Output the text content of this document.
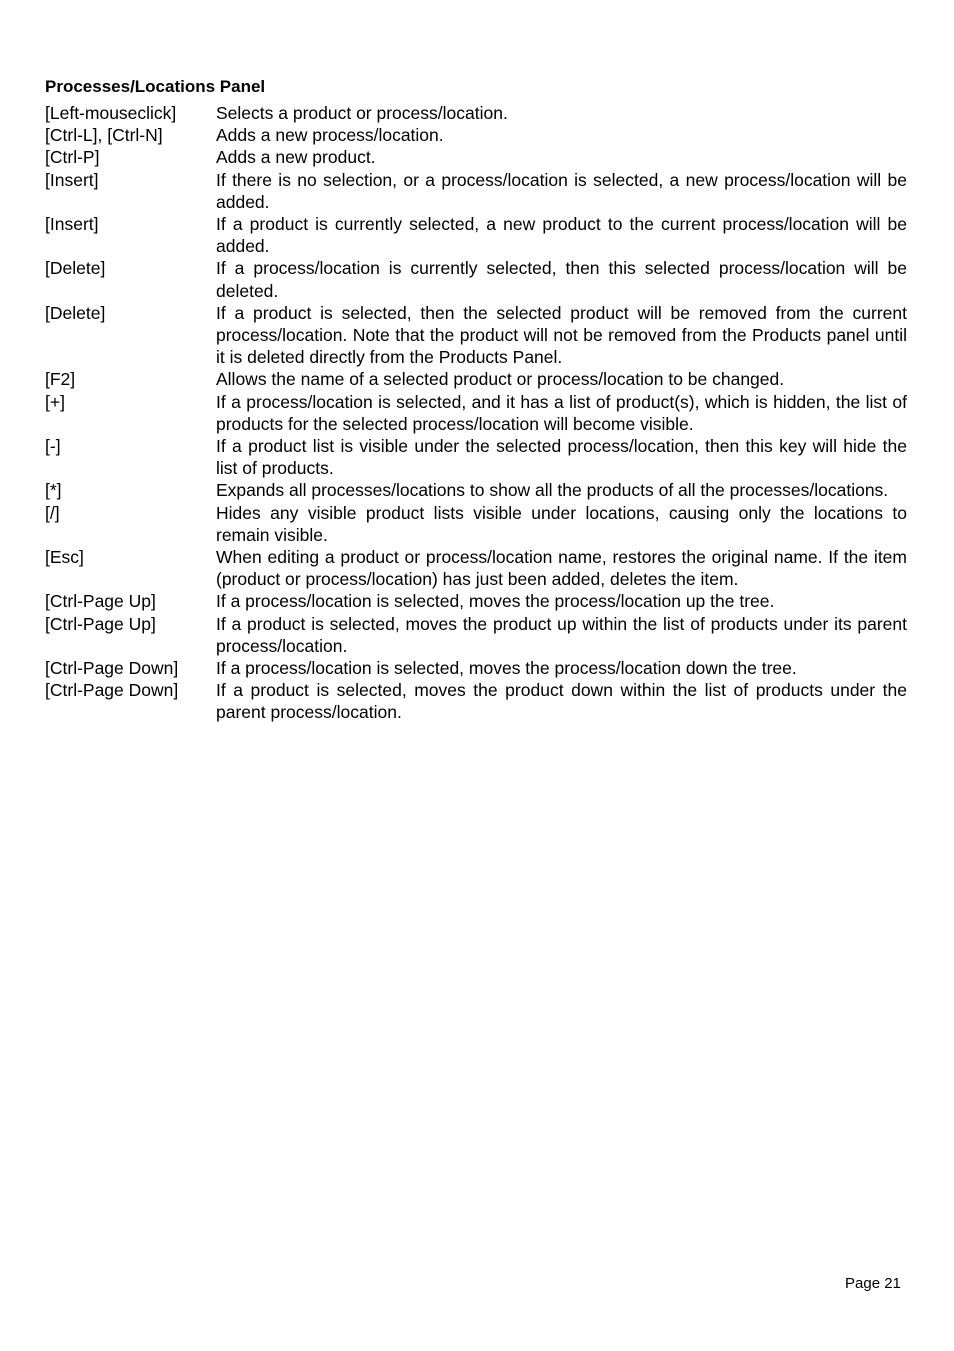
Processes/Locations Panel
[Left-mouseclick]	Selects a product or process/location.
[Ctrl-L], [Ctrl-N]	Adds a new process/location.
[Ctrl-P]	Adds a new product.
[Insert]	If there is no selection, or a process/location is selected, a new process/location will be added.
[Insert]	If a product is currently selected, a new product to the current process/location will be added.
[Delete]	If a process/location is currently selected, then this selected process/location will be deleted.
[Delete]	If a product is selected, then the selected product will be removed from the current process/location. Note that the product will not be removed from the Products panel until it is deleted directly from the Products Panel.
[F2]	Allows the name of a selected product or process/location to be changed.
[+]	If a process/location is selected, and it has a list of product(s), which is hidden, the list of products for the selected process/location will become visible.
[-]	If a product list is visible under the selected process/location, then this key will hide the list of products.
[*]	Expands all processes/locations to show all the products of all the processes/locations.
[/]	Hides any visible product lists visible under locations, causing only the locations to remain visible.
[Esc]	When editing a product or process/location name, restores the original name. If the item (product or process/location) has just been added, deletes the item.
[Ctrl-Page Up]	If a process/location is selected, moves the process/location up the tree.
[Ctrl-Page Up]	If a product is selected, moves the product up within the list of products under its parent process/location.
[Ctrl-Page Down]	If a process/location is selected, moves the process/location down the tree.
[Ctrl-Page Down]	If a product is selected, moves the product down within the list of products under the parent process/location.
Page 21
